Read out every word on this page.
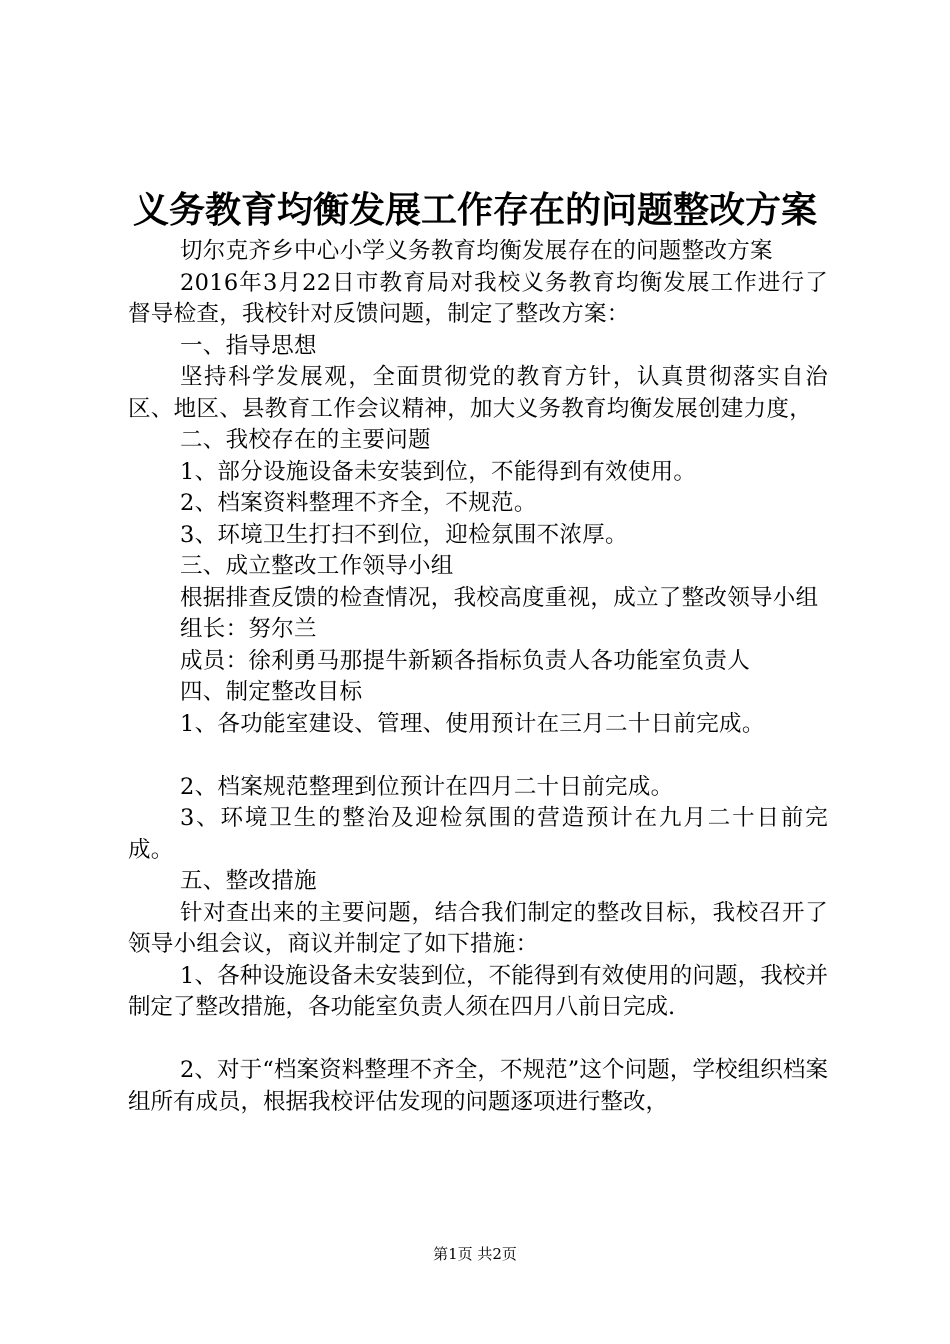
义务教育均衡发展工作存在的问题整改方案

切尔克齐乡中心小学义务教育均衡发展存在的问题整改方案

2016年3月22日市教育局对我校义务教育均衡发展工作进行了督导检查，我校针对反馈问题，制定了整改方案：

一、指导思想

坚持科学发展观，全面贯彻党的教育方针，认真贯彻落实自治区、地区、县教育工作会议精神，加大义务教育均衡发展创建力度，

二、我校存在的主要问题

1、部分设施设备未安装到位，不能得到有效使用。

2、档案资料整理不齐全，不规范。

3、环境卫生打扫不到位，迎检氛围不浓厚。

三、成立整改工作领导小组

根据排查反馈的检查情况，我校高度重视，成立了整改领导小组

组长：努尔兰

成员：徐利勇马那提牛新颖各指标负责人各功能室负责人

四、制定整改目标

1、各功能室建设、管理、使用预计在三月二十日前完成。

2、档案规范整理到位预计在四月二十日前完成。

3、环境卫生的整治及迎检氛围的营造预计在九月二十日前完成。

五、整改措施

针对查出来的主要问题，结合我们制定的整改目标，我校召开了领导小组会议，商议并制定了如下措施：

1、各种设施设备未安装到位，不能得到有效使用的问题，我校并制定了整改措施，各功能室负责人须在四月八前日完成.

2、对于“档案资料整理不齐全，不规范”这个问题，学校组织档案组所有成员，根据我校评估发现的问题逐项进行整改，

第1页 共2页
